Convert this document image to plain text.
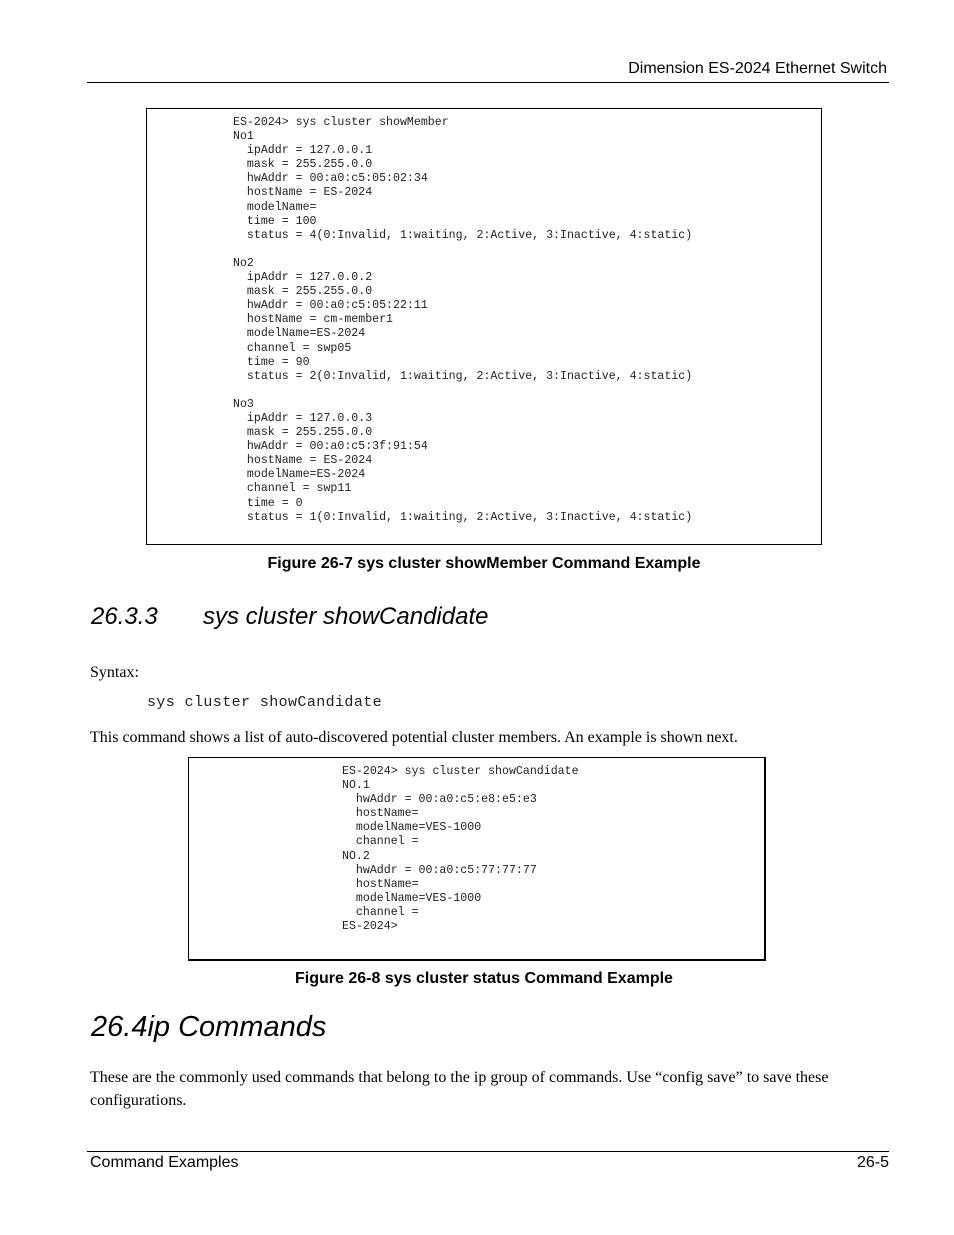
Dimension ES-2024 Ethernet Switch
ES-2024> sys cluster showMember
No1
ipAddr = 127.0.0.1
mask = 255.255.0.0
hwAddr = 00:a0:c5:05:02:34
hostName = ES-2024
modelName=
time = 100
status = 4(0:Invalid, 1:waiting, 2:Active, 3:Inactive, 4:static)

No2
ipAddr = 127.0.0.2
mask = 255.255.0.0
hwAddr = 00:a0:c5:05:22:11
hostName = cm-member1
modelName=ES-2024
channel = swp05
time = 90
status = 2(0:Invalid, 1:waiting, 2:Active, 3:Inactive, 4:static)

No3
ipAddr = 127.0.0.3
mask = 255.255.0.0
hwAddr = 00:a0:c5:3f:91:54
hostName = ES-2024
modelName=ES-2024
channel = swp11
time = 0
status = 1(0:Invalid, 1:waiting, 2:Active, 3:Inactive, 4:static)
Figure 26-7 sys cluster showMember Command Example
26.3.3 sys cluster showCandidate
Syntax:
sys cluster showCandidate
This command shows a list of auto-discovered potential cluster members. An example is shown next.
ES-2024> sys cluster showCandidate
NO.1
hwAddr = 00:a0:c5:e8:e5:e3
hostName=
modelName=VES-1000
channel =
NO.2
hwAddr = 00:a0:c5:77:77:77
hostName=
modelName=VES-1000
channel =
ES-2024>
Figure 26-8 sys cluster status Command Example
26.4ip Commands
These are the commonly used commands that belong to the ip group of commands. Use “config save” to save these configurations.
Command Examples	26-5
